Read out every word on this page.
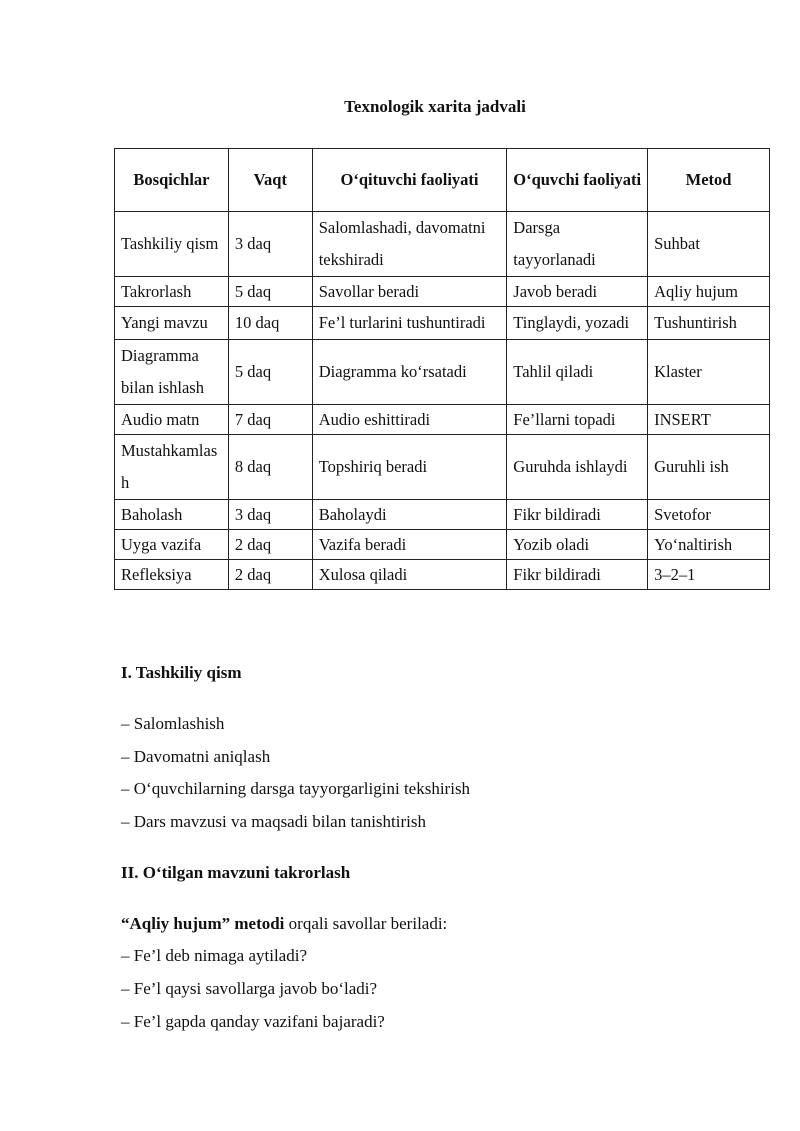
Texnologik xarita jadvali
Bosqichlar	Vaqt	O‘qituvchi faoliyati	O‘quvchi faoliyati	Metod
Tashkiliy qism	3 daq	Salomlashadi, davomatni tekshiradi	Darsga tayyorlanadi	Suhbat
Takrorlash	5 daq	Savollar beradi	Javob beradi	Aqliy hujum
Yangi mavzu	10 daq	Fe’l turlarini tushuntiradi	Tinglaydi, yozadi	Tushuntirish
Diagramma bilan ishlash	5 daq	Diagramma ko‘rsatadi	Tahlil qiladi	Klaster
Audio matn	7 daq	Audio eshittiradi	Fe’llarni topadi	INSERT
Mustahkamlash	8 daq	Topshiriq beradi	Guruhda ishlaydi	Guruhli ish
Baholash	3 daq	Baholaydi	Fikr bildiradi	Svetofor
Uyga vazifa	2 daq	Vazifa beradi	Yozib oladi	Yo‘naltirish
Refleksiya	2 daq	Xulosa qiladi	Fikr bildiradi	3–2–1
I. Tashkiliy qism
– Salomlashish
– Davomatni aniqlash
– O‘quvchilarning darsga tayyorgarligini tekshirish
– Dars mavzusi va maqsadi bilan tanishtirish
II. O‘tilgan mavzuni takrorlash
“Aqliy hujum” metodi orqali savollar beriladi:
– Fe’l deb nimaga aytiladi?
– Fe’l qaysi savollarga javob bo‘ladi?
– Fe’l gapda qanday vazifani bajaradi?
